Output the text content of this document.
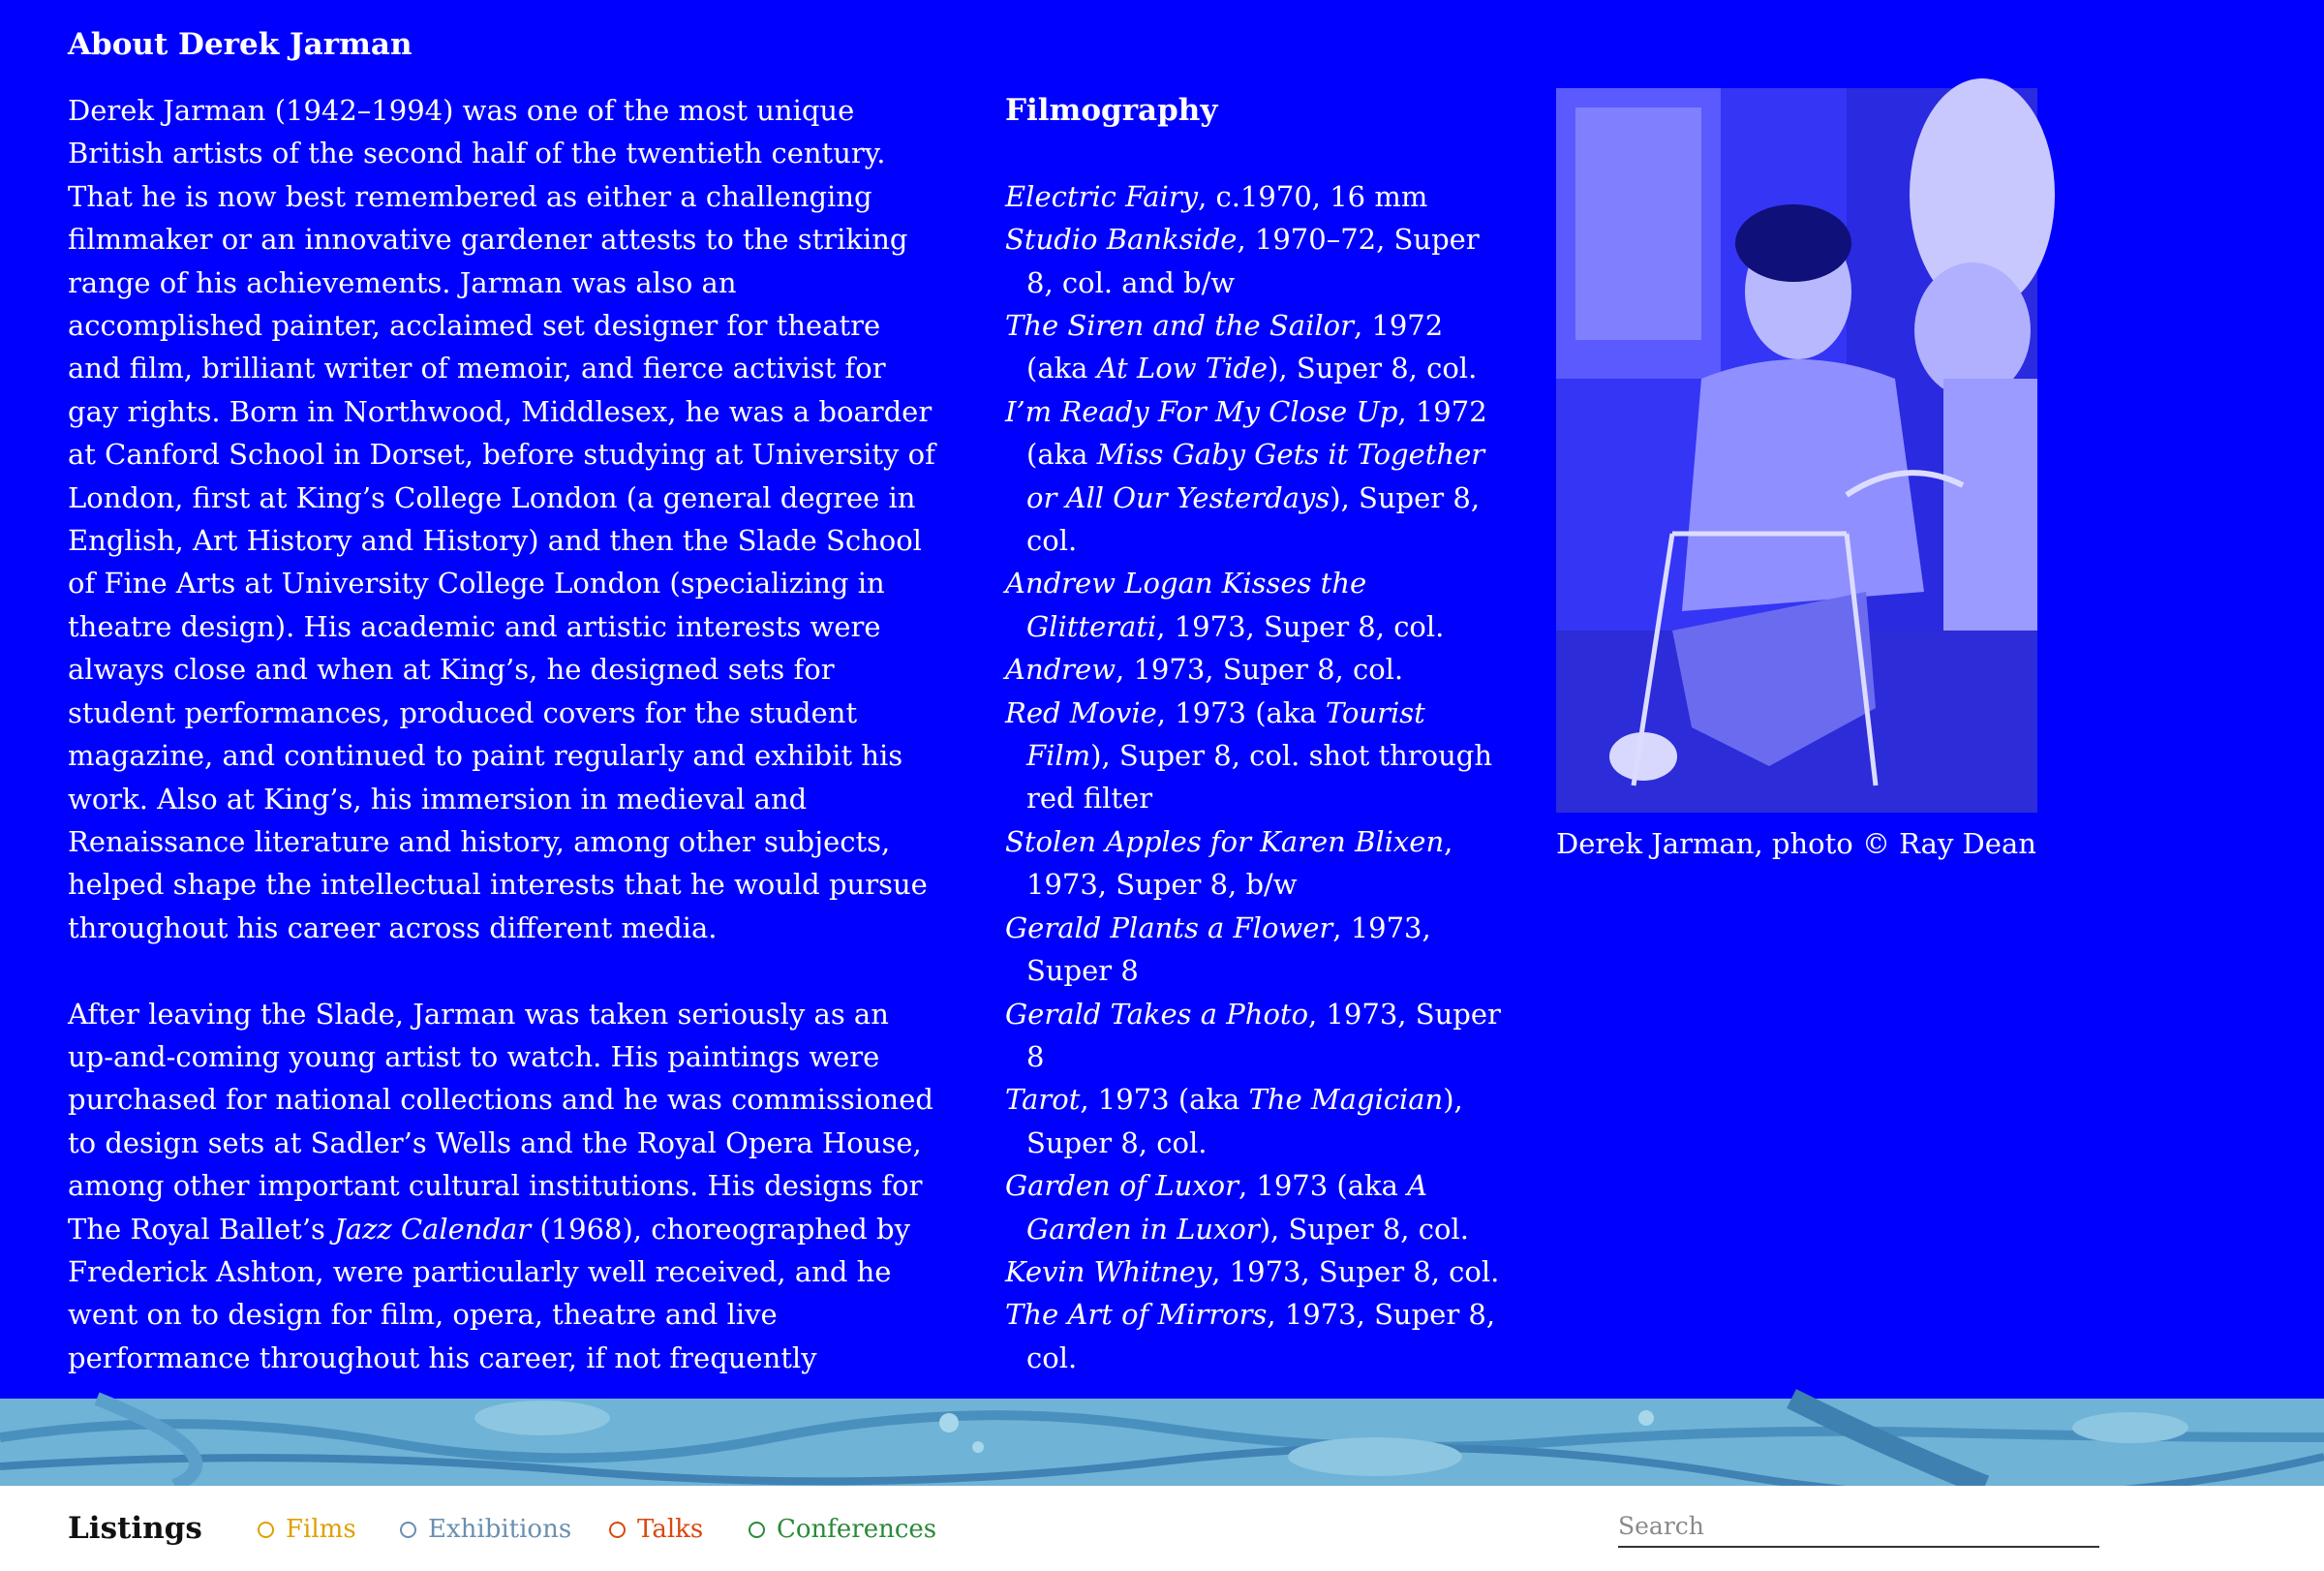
About Derek Jarman

Derek Jarman (1942–1994) was one of the most unique British artists of the second half of the twentieth century. That he is now best remembered as either a challenging filmmaker or an innovative gardener attests to the striking range of his achievements. Jarman was also an accomplished painter, acclaimed set designer for theatre and film, brilliant writer of memoir, and fierce activist for gay rights. Born in Northwood, Middlesex, he was a boarder at Canford School in Dorset, before studying at University of London, first at King’s College London (a general degree in English, Art History and History) and then the Slade School of Fine Arts at University College London (specializing in theatre design). His academic and artistic interests were always close and when at King’s, he designed sets for student performances, produced covers for the student magazine, and continued to paint regularly and exhibit his work. Also at King’s, his immersion in medieval and Renaissance literature and history, among other subjects, helped shape the intellectual interests that he would pursue throughout his career across different media.

After leaving the Slade, Jarman was taken seriously as an up-and-coming young artist to watch. His paintings were purchased for national collections and he was commissioned to design sets at Sadler’s Wells and the Royal Opera House, among other important cultural institutions. His designs for The Royal Ballet’s Jazz Calendar (1968), choreographed by Frederick Ashton, were particularly well received, and he went on to design for film, opera, theatre and live performance throughout his career, if not frequently

Filmography
Electric Fairy, c.1970, 16 mm
Studio Bankside, 1970–72, Super 8, col. and b/w
The Siren and the Sailor, 1972 (aka At Low Tide), Super 8, col.
I’m Ready For My Close Up, 1972 (aka Miss Gaby Gets it Together or All Our Yesterdays), Super 8, col.
Andrew Logan Kisses the Glitterati, 1973, Super 8, col.
Andrew, 1973, Super 8, col.
Red Movie, 1973 (aka Tourist Film), Super 8, col. shot through red filter
Stolen Apples for Karen Blixen, 1973, Super 8, b/w
Gerald Plants a Flower, 1973, Super 8
Gerald Takes a Photo, 1973, Super 8
Tarot, 1973 (aka The Magician), Super 8, col.
Garden of Luxor, 1973 (aka A Garden in Luxor), Super 8, col.
Kevin Whitney, 1973, Super 8, col.
The Art of Mirrors, 1973, Super 8, col.
Derek Jarman, photo © Ray Dean
Listings	Films	Exhibitions	Talks	Conferences
Search
